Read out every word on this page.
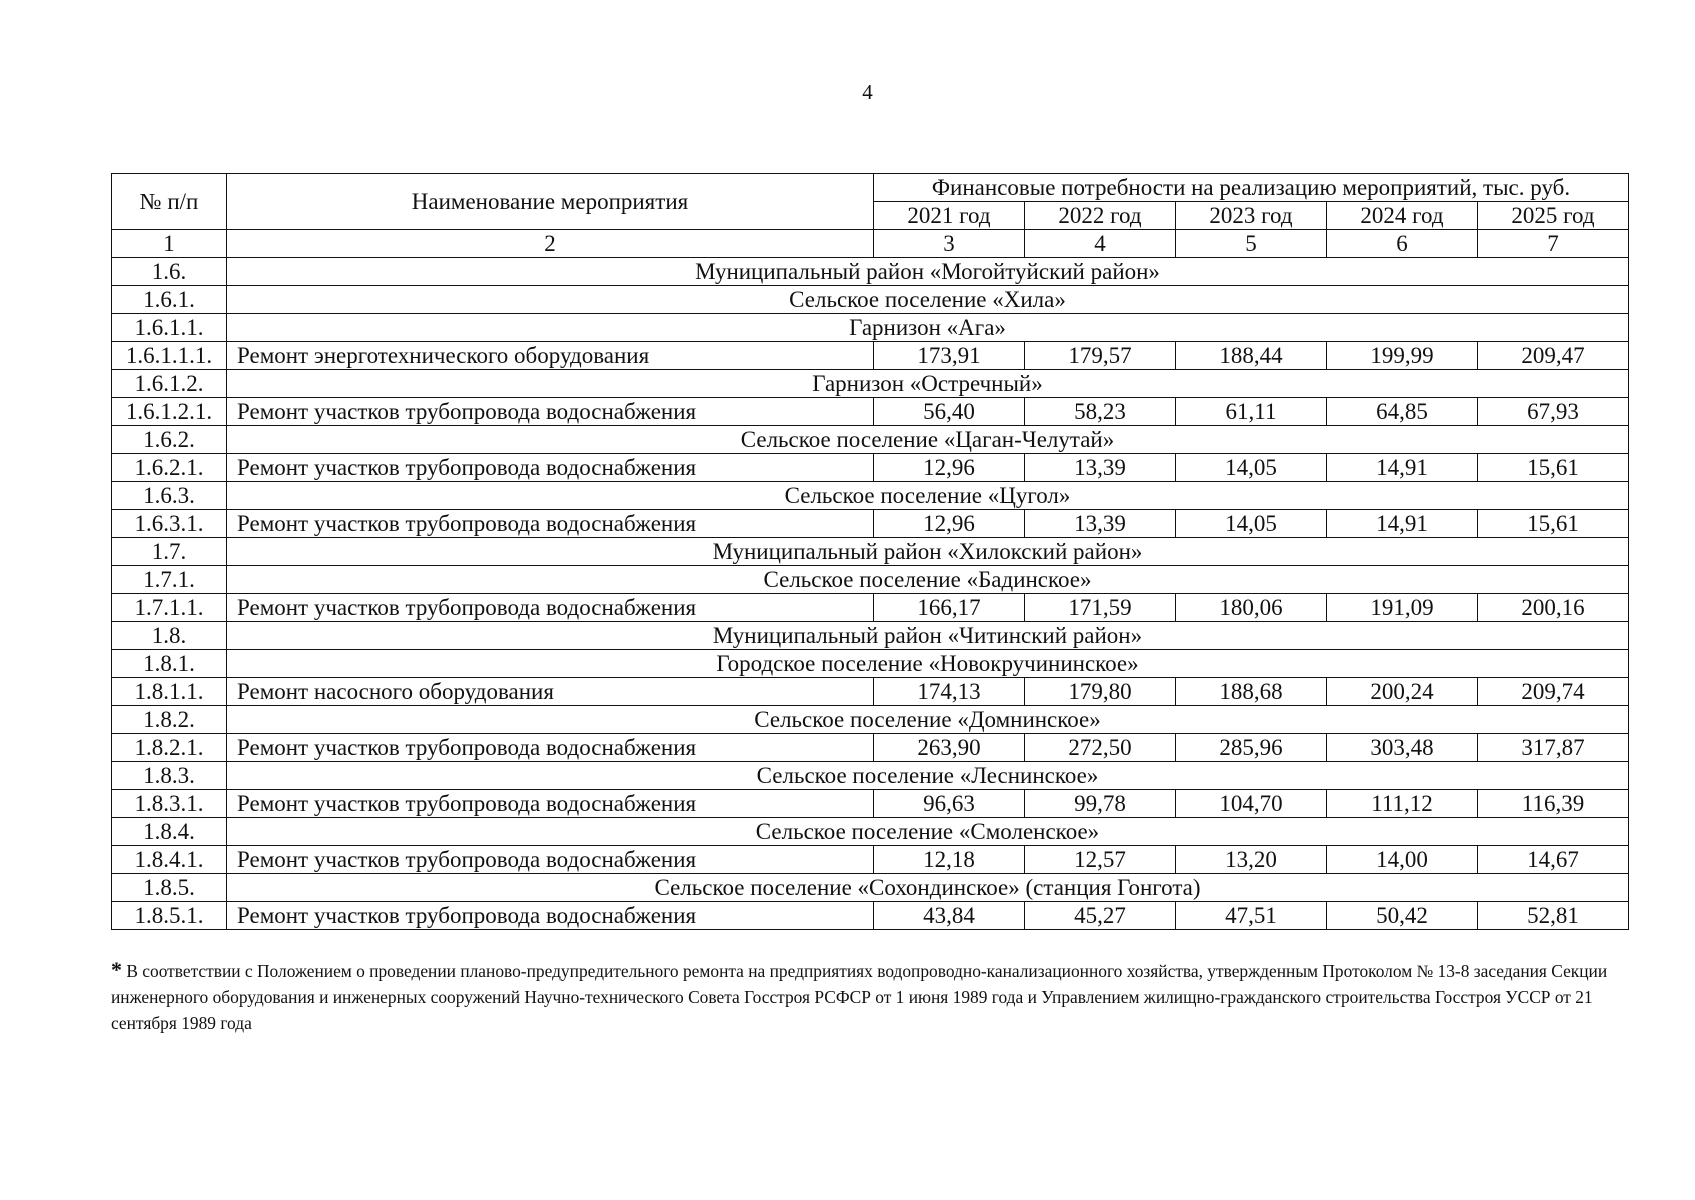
4
№ п/п	Наименование мероприятия	Финансовые потребности на реализацию мероприятий, тыс. руб.				
		2021 год	2022 год	2023 год	2024 год	2025 год
1	2	3	4	5	6	7
1.6.	Муниципальный район «Могойтуйский район»					
1.6.1.	Сельское поселение «Хила»					
1.6.1.1.	Гарнизон «Ага»					
1.6.1.1.1.	Ремонт энерготехнического оборудования	173,91	179,57	188,44	199,99	209,47
1.6.1.2.	Гарнизон «Остречный»					
1.6.1.2.1.	Ремонт участков трубопровода водоснабжения	56,40	58,23	61,11	64,85	67,93
1.6.2.	Сельское поселение «Цаган-Челутай»					
1.6.2.1.	Ремонт участков трубопровода водоснабжения	12,96	13,39	14,05	14,91	15,61
1.6.3.	Сельское поселение «Цугол»					
1.6.3.1.	Ремонт участков трубопровода водоснабжения	12,96	13,39	14,05	14,91	15,61
1.7.	Муниципальный район «Хилокский район»					
1.7.1.	Сельское поселение «Бадинское»					
1.7.1.1.	Ремонт участков трубопровода водоснабжения	166,17	171,59	180,06	191,09	200,16
1.8.	Муниципальный район «Читинский район»					
1.8.1.	Городское поселение «Новокручининское»					
1.8.1.1.	Ремонт насосного оборудования	174,13	179,80	188,68	200,24	209,74
1.8.2.	Сельское поселение «Домнинское»					
1.8.2.1.	Ремонт участков трубопровода водоснабжения	263,90	272,50	285,96	303,48	317,87
1.8.3.	Сельское поселение «Леснинское»					
1.8.3.1.	Ремонт участков трубопровода водоснабжения	96,63	99,78	104,70	111,12	116,39
1.8.4.	Сельское поселение «Смоленское»					
1.8.4.1.	Ремонт участков трубопровода водоснабжения	12,18	12,57	13,20	14,00	14,67
1.8.5.	Сельское поселение «Сохондинское» (станция Гонгота)					
1.8.5.1.	Ремонт участков трубопровода водоснабжения	43,84	45,27	47,51	50,42	52,81
* В соответствии с Положением о проведении планово-предупредительного ремонта на предприятиях водопроводно-канализационного хозяйства, утвержденным Протоколом № 13-8 заседания Секции инженерного оборудования и инженерных сооружений Научно-технического Совета Госстроя РСФСР от 1 июня 1989 года и Управлением жилищно-гражданского строительства Госстроя УССР от 21 сентября 1989 года
